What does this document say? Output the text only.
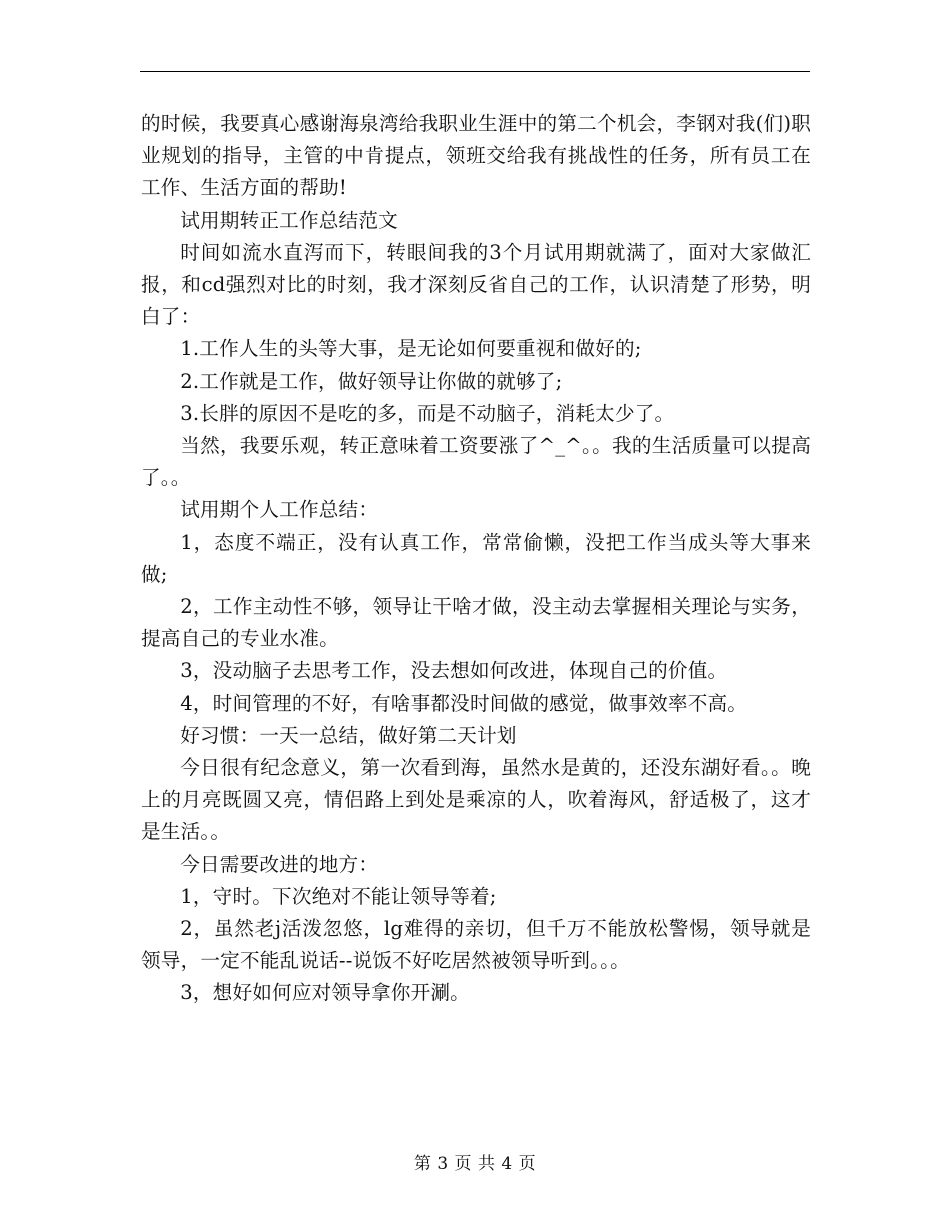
的时候，我要真心感谢海泉湾给我职业生涯中的第二个机会，李钢对我(们)职业规划的指导，主管的中肯提点，领班交给我有挑战性的任务，所有员工在工作、生活方面的帮助!

试用期转正工作总结范文

时间如流水直泻而下，转眼间我的3个月试用期就满了，面对大家做汇报，和cd强烈对比的时刻，我才深刻反省自己的工作，认识清楚了形势，明白了：

1.工作人生的头等大事，是无论如何要重视和做好的;

2.工作就是工作，做好领导让你做的就够了;

3.长胖的原因不是吃的多，而是不动脑子，消耗太少了。

当然，我要乐观，转正意味着工资要涨了^_^。。我的生活质量可以提高了。。

试用期个人工作总结：

1，态度不端正，没有认真工作，常常偷懒，没把工作当成头等大事来做;

2，工作主动性不够，领导让干啥才做，没主动去掌握相关理论与实务，提高自己的专业水准。

3，没动脑子去思考工作，没去想如何改进，体现自己的价值。

4，时间管理的不好，有啥事都没时间做的感觉，做事效率不高。

好习惯：一天一总结，做好第二天计划

今日很有纪念意义，第一次看到海，虽然水是黄的，还没东湖好看。。晚上的月亮既圆又亮，情侣路上到处是乘凉的人，吹着海风，舒适极了，这才是生活。。

今日需要改进的地方：

1，守时。下次绝对不能让领导等着;

2，虽然老j活泼忽悠，lg难得的亲切，但千万不能放松警惕，领导就是领导，一定不能乱说话--说饭不好吃居然被领导听到。。。

3，想好如何应对领导拿你开涮。

第 3 页 共 4 页
